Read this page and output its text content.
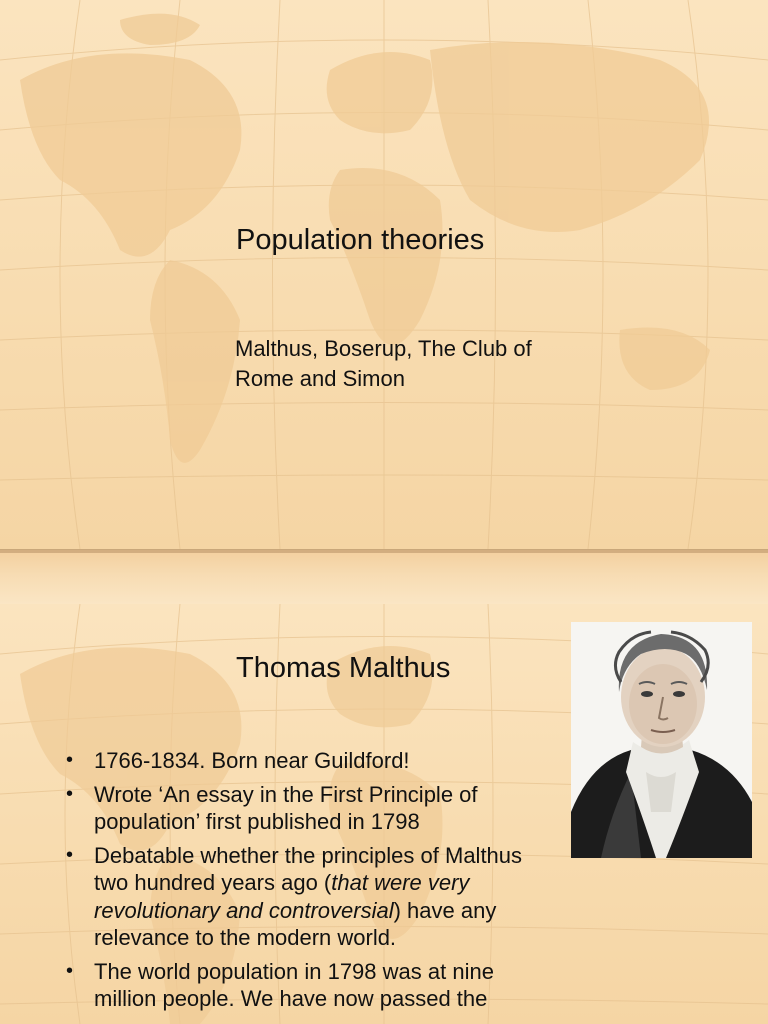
Population theories

Malthus, Boserup, The Club of Rome and Simon

Thomas Malthus
• 1766-1834. Born near Guildford!
• Wrote ‘An essay in the First Principle of population’ first published in 1798
• Debatable whether the principles of Malthus two hundred years ago (that were very revolutionary and controversial) have any relevance to the modern world.
• The world population in 1798 was at nine million people. We have now passed the
